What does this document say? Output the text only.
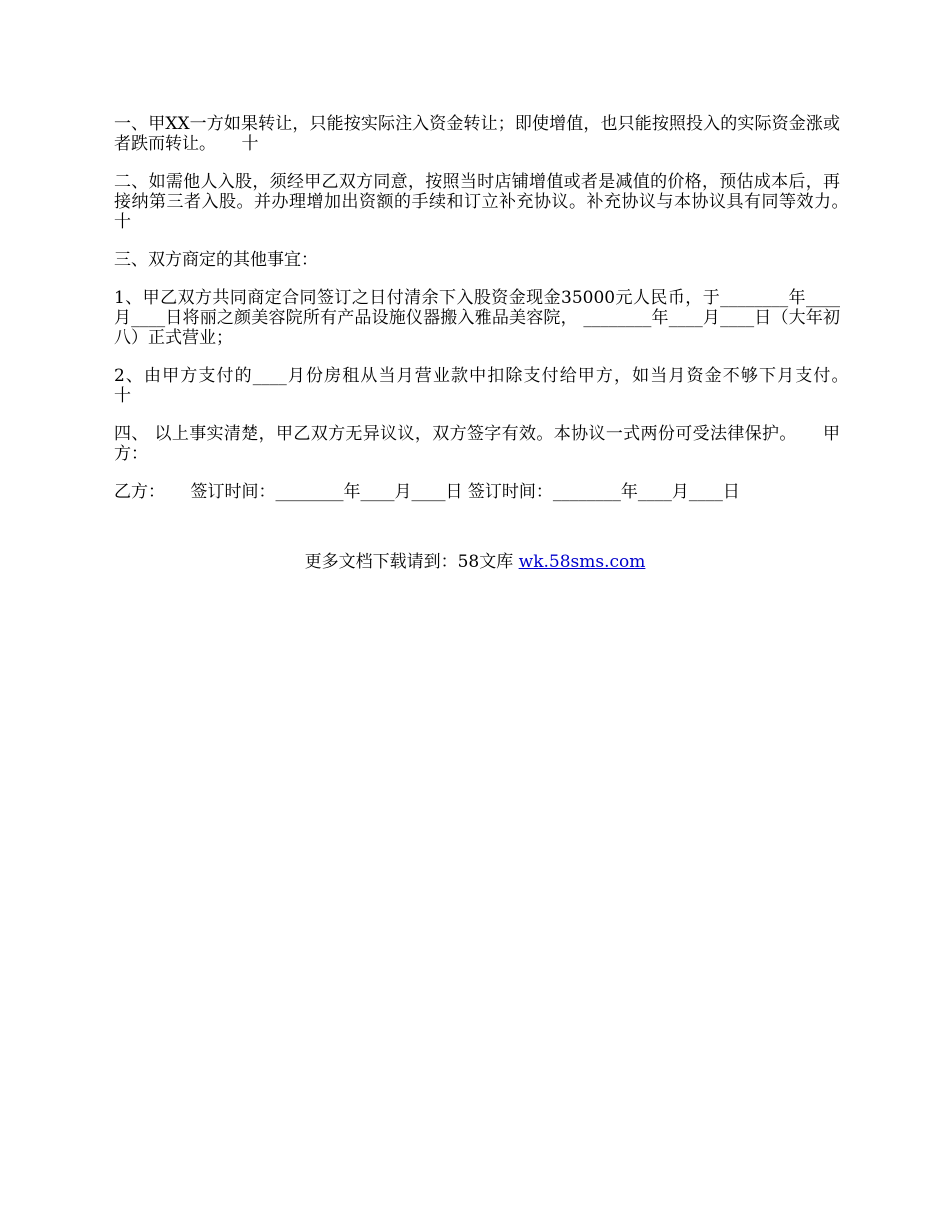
一、甲XX一方如果转让，只能按实际注入资金转让；即使增值，也只能按照投入的实际资金涨或者跌而转让。　　十

二、如需他人入股，须经甲乙双方同意，按照当时店铺增值或者是减值的价格，预估成本后，再接纳第三者入股。并办理增加出资额的手续和订立补充协议。补充协议与本协议具有同等效力。　　十

三、双方商定的其他事宜：

1、甲乙双方共同商定合同签订之日付清余下入股资金现金35000元人民币，于________年____月____日将丽之颜美容院所有产品设施仪器搬入雅品美容院， ________年____月____日（大年初八）正式营业；

2、由甲方支付的____月份房租从当月营业款中扣除支付给甲方，如当月资金不够下月支付。　　十

四、 以上事实清楚，甲乙双方无异议议，双方签字有效。本协议一式两份可受法律保护。　　甲方：

乙方：　　签订时间：________年____月____日 签订时间：________年____月____日

更多文档下载请到：58文库 wk.58sms.com
